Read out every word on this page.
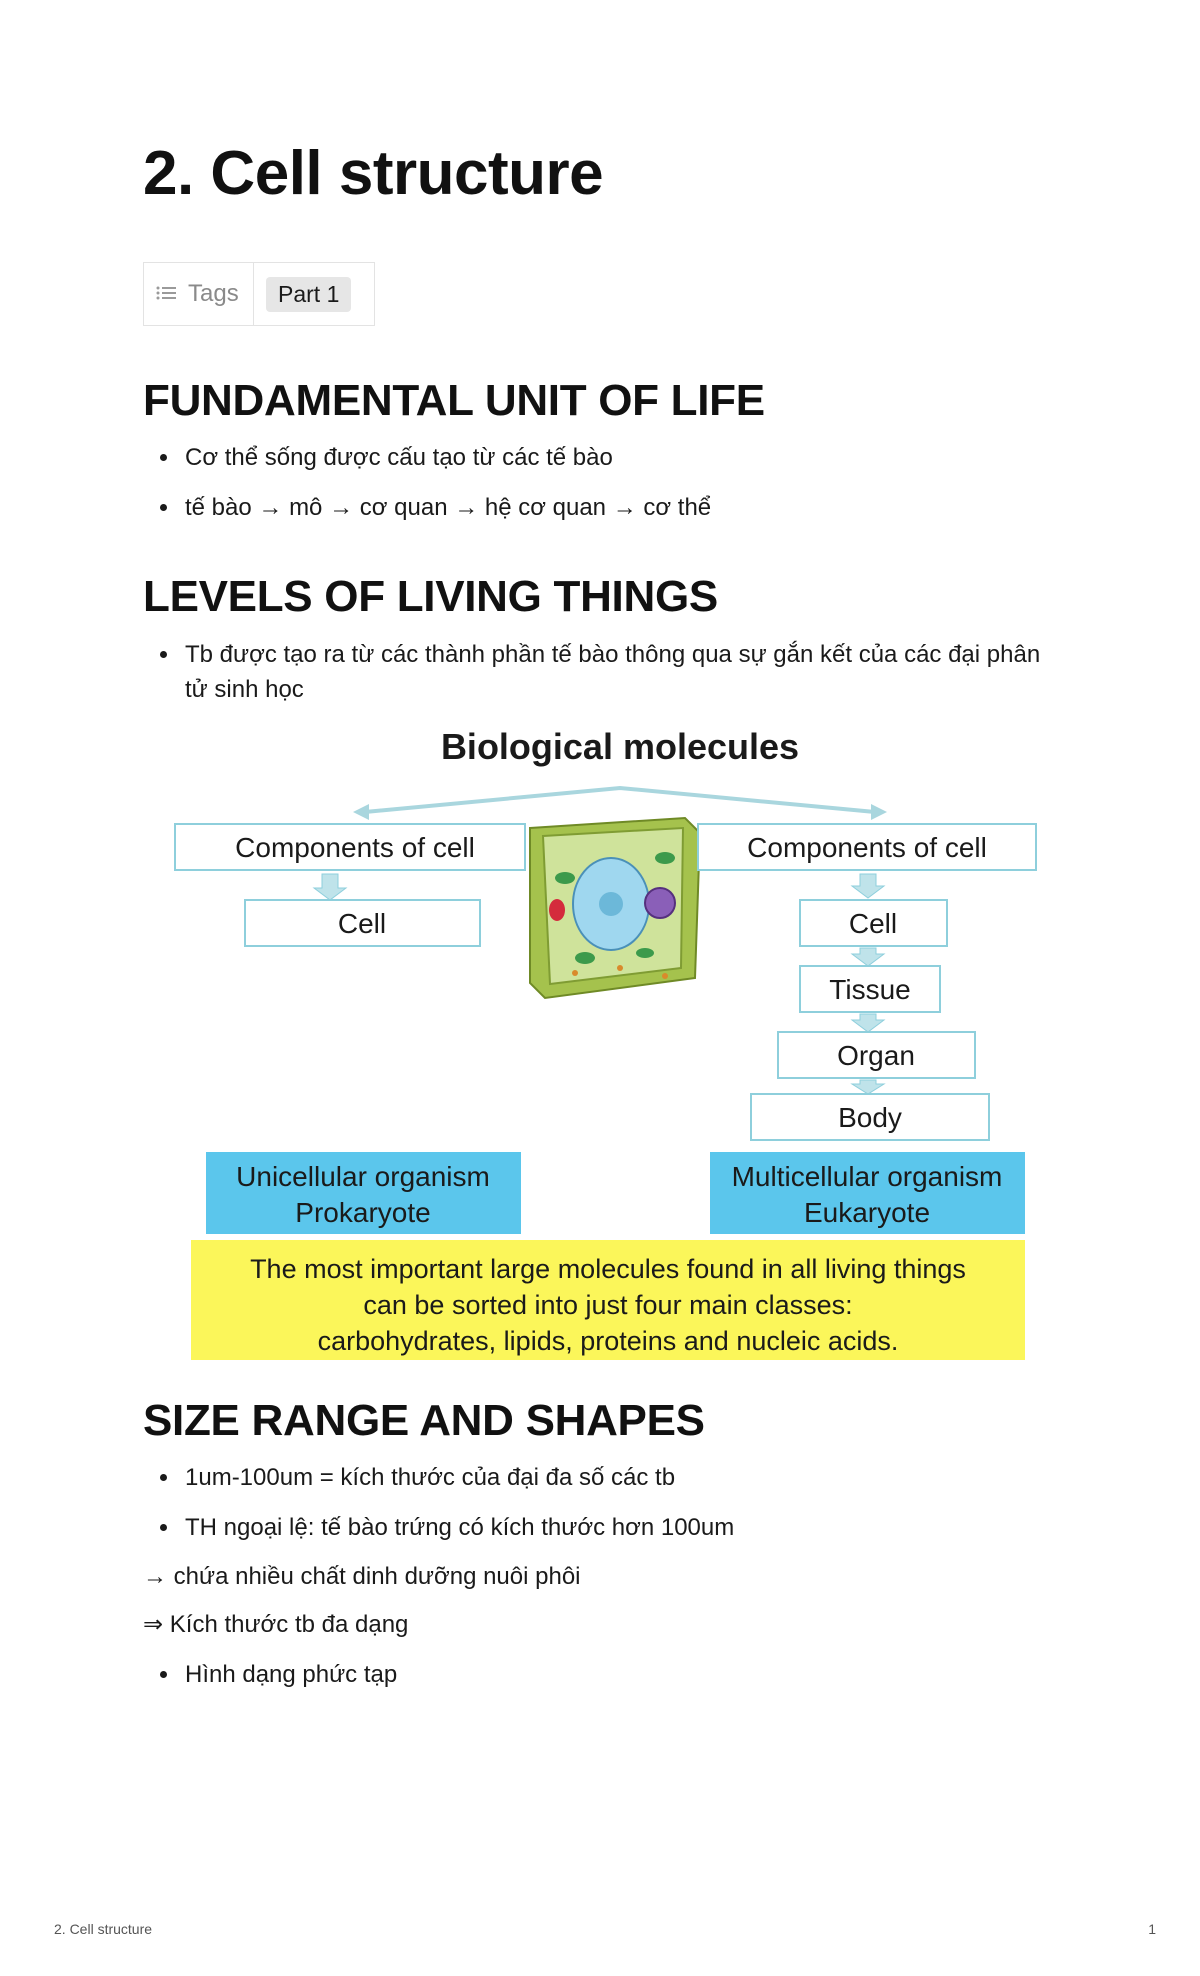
2. Cell structure
Tags	Part 1
FUNDAMENTAL UNIT OF LIFE
Cơ thể sống được cấu tạo từ các tế bào
tế bào → mô → cơ quan → hệ cơ quan → cơ thể
LEVELS OF LIVING THINGS
Tb được tạo ra từ các thành phần tế bào thông qua sự gắn kết của các đại phân tử sinh học
Biological molecules
Components of cell
Cell
Components of cell
Cell
Tissue
Organ
Body
Unicellular organism
Prokaryote
Multicellular organism
Eukaryote
The most important large molecules found in all living things
can be sorted into just four main classes:
carbohydrates, lipids, proteins and nucleic acids.
SIZE RANGE AND SHAPES
1um-100um = kích thước của đại đa số các tb
TH ngoại lệ: tế bào trứng có kích thước hơn 100um
→ chứa nhiều chất dinh dưỡng nuôi phôi
⇒ Kích thước tb đa dạng
Hình dạng phức tạp
2. Cell structure	1
